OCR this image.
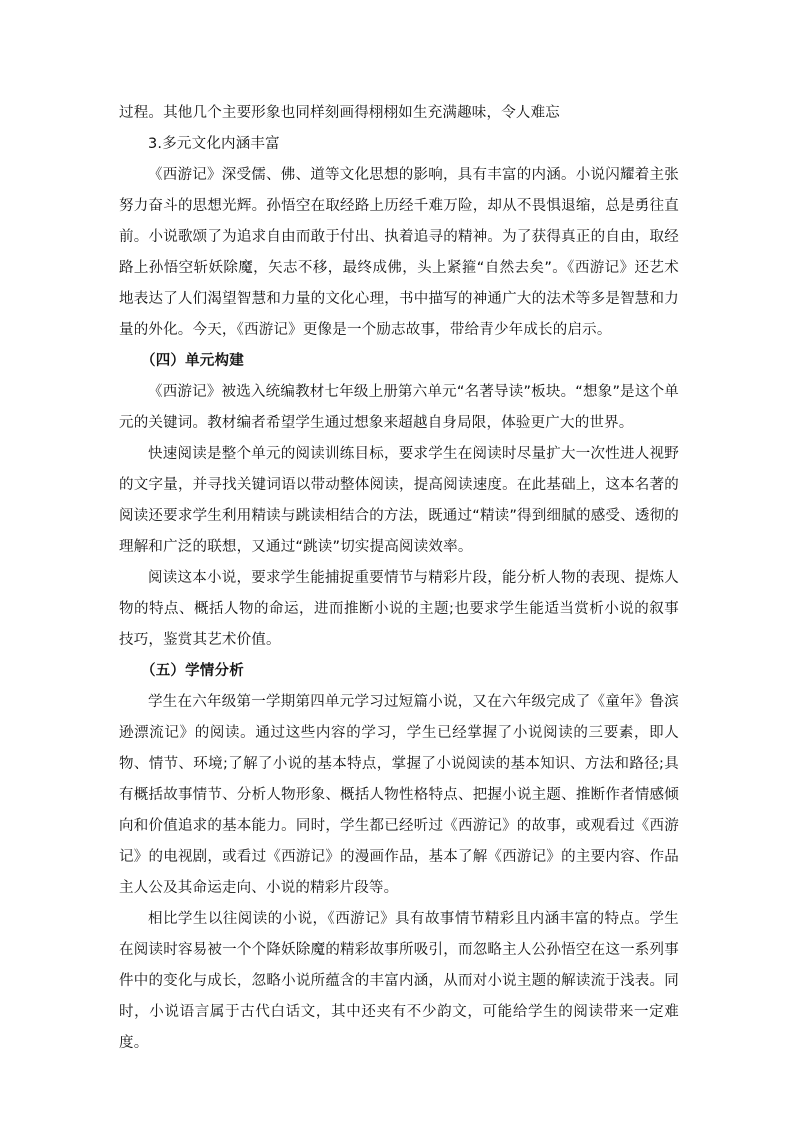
过程。其他几个主要形象也同样刻画得栩栩如生充满趣味，令人难忘

3.多元文化内涵丰富

《西游记》深受儒、佛、道等文化思想的影响，具有丰富的内涵。小说闪耀着主张努力奋斗的思想光辉。孙悟空在取经路上历经千难万险，却从不畏惧退缩，总是勇往直前。小说歌颂了为追求自由而敢于付出、执着追寻的精神。为了获得真正的自由，取经路上孙悟空斩妖除魔，矢志不移，最终成佛，头上紧箍“自然去矣”。《西游记》还艺术地表达了人们渴望智慧和力量的文化心理，书中描写的神通广大的法术等多是智慧和力量的外化。今天，《西游记》更像是一个励志故事，带给青少年成长的启示。

（四）单元构建

《西游记》被选入统编教材七年级上册第六单元“名著导读”板块。“想象”是这个单元的关键词。教材编者希望学生通过想象来超越自身局限，体验更广大的世界。

快速阅读是整个单元的阅读训练目标，要求学生在阅读时尽量扩大一次性进人视野的文字量，并寻找关键词语以带动整体阅读，提高阅读速度。在此基础上，这本名著的阅读还要求学生利用精读与跳读相结合的方法，既通过“精读”得到细腻的感受、透彻的理解和广泛的联想，又通过“跳读”切实提高阅读效率。

阅读这本小说，要求学生能捕捉重要情节与精彩片段，能分析人物的表现、提炼人物的特点、概括人物的命运，进而推断小说的主题;也要求学生能适当赏析小说的叙事技巧，鉴赏其艺术价值。

（五）学情分析

学生在六年级第一学期第四单元学习过短篇小说，又在六年级完成了《童年》鲁滨逊漂流记》的阅读。通过这些内容的学习，学生已经掌握了小说阅读的三要素，即人物、情节、环境;了解了小说的基本特点，掌握了小说阅读的基本知识、方法和路径;具有概括故事情节、分析人物形象、概括人物性格特点、把握小说主题、推断作者情感倾向和价值追求的基本能力。同时，学生都已经听过《西游记》的故事，或观看过《西游记》的电视剧，或看过《西游记》的漫画作品，基本了解《西游记》的主要内容、作品主人公及其命运走向、小说的精彩片段等。

相比学生以往阅读的小说，《西游记》具有故事情节精彩且内涵丰富的特点。学生在阅读时容易被一个个降妖除魔的精彩故事所吸引，而忽略主人公孙悟空在这一系列事件中的变化与成长，忽略小说所蕴含的丰富内涵，从而对小说主题的解读流于浅表。同时，小说语言属于古代白话文，其中还夹有不少韵文，可能给学生的阅读带来一定难度。
